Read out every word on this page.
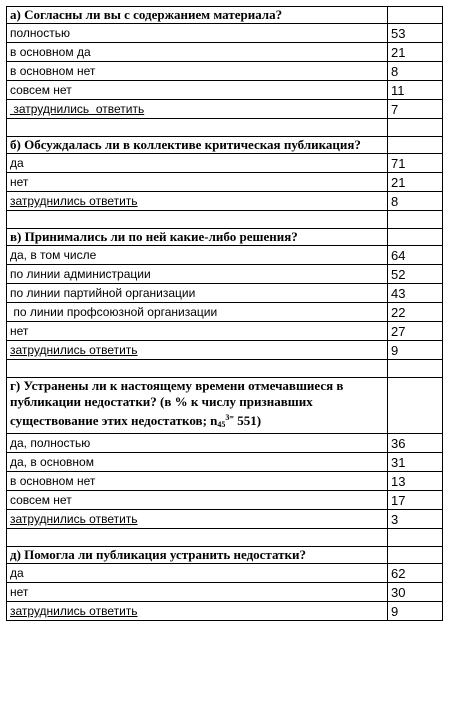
а) Согласны ли вы с содержанием материала?	
полностью	53
в основном да	21
в основном нет	8
совсем нет	11
затруднились  ответить	7

б) Обсуждалась ли в коллективе критическая публикация?	
да	71
нет	21
затруднились ответить	8

в) Принимались ли по ней какие-либо решения?	
да, в том числе	64
по линии администрации	52
по линии партийной организации	43
по линии профсоюзной организации	22
нет	27
затруднились ответить	9

г) Устранены ли к настоящему времени отмечавшиеся в публикации недостатки? (в % к числу признавших существование этих недостатков; $n_{45}^{3=}$ 551)	
да, полностью	36
да, в основном	31
в основном нет	13
совсем нет	17
затруднились ответить	3

д) Помогла ли публикация устранить недостатки?	
да	62
нет	30
затруднились ответить	9
